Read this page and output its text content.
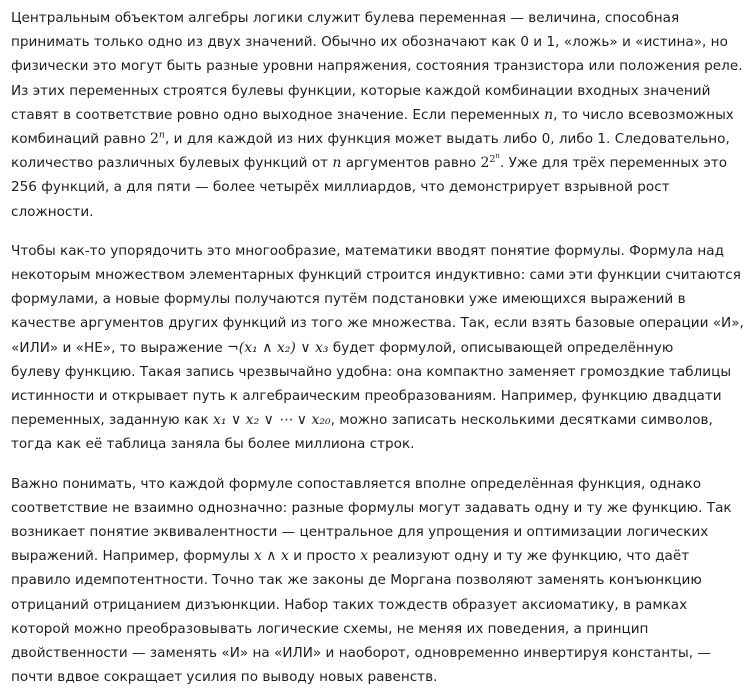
Центральным объектом алгебры логики служит булева переменная — величина, способная
принимать только одно из двух значений. Обычно их обозначают как 0 и 1, «ложь» и «истина», но
физически это могут быть разные уровни напряжения, состояния транзистора или положения реле.
Из этих переменных строятся булевы функции, которые каждой комбинации входных значений
ставят в соответствие ровно одно выходное значение. Если переменных n, то число всевозможных
комбинаций равно 2$^n$, и для каждой из них функция может выдать либо 0, либо 1. Следовательно,
количество различных булевых функций от n аргументов равно $2^{2^n}$. Уже для трёх переменных это
256 функций, а для пяти — более четырёх миллиардов, что демонстрирует взрывной рост
сложности.

Чтобы как-то упорядочить это многообразие, математики вводят понятие формулы. Формула над
некоторым множеством элементарных функций строится индуктивно: сами эти функции считаются
формулами, а новые формулы получаются путём подстановки уже имеющихся выражений в
качестве аргументов других функций из того же множества. Так, если взять базовые операции «И»,
«ИЛИ» и «НЕ», то выражение ¬(x₁ ∧ x₂) ∨ x₃ будет формулой, описывающей определённую
булеву функцию. Такая запись чрезвычайно удобна: она компактно заменяет громоздкие таблицы
истинности и открывает путь к алгебраическим преобразованиям. Например, функцию двадцати
переменных, заданную как x₁ ∨ x₂ ∨ ⋯ ∨ x₂₀, можно записать несколькими десятками символов,
тогда как её таблица заняла бы более миллиона строк.

Важно понимать, что каждой формуле сопоставляется вполне определённая функция, однако
соответствие не взаимно однозначно: разные формулы могут задавать одну и ту же функцию. Так
возникает понятие эквивалентности — центральное для упрощения и оптимизации логических
выражений. Например, формулы x ∧ x и просто x реализуют одну и ту же функцию, что даёт
правило идемпотентности. Точно так же законы де Моргана позволяют заменять конъюнкцию
отрицаний отрицанием дизъюнкции. Набор таких тождеств образует аксиоматику, в рамках
которой можно преобразовывать логические схемы, не меняя их поведения, а принцип
двойственности — заменять «И» на «ИЛИ» и наоборот, одновременно инвертируя константы, —
почти вдвое сокращает усилия по выводу новых равенств.
